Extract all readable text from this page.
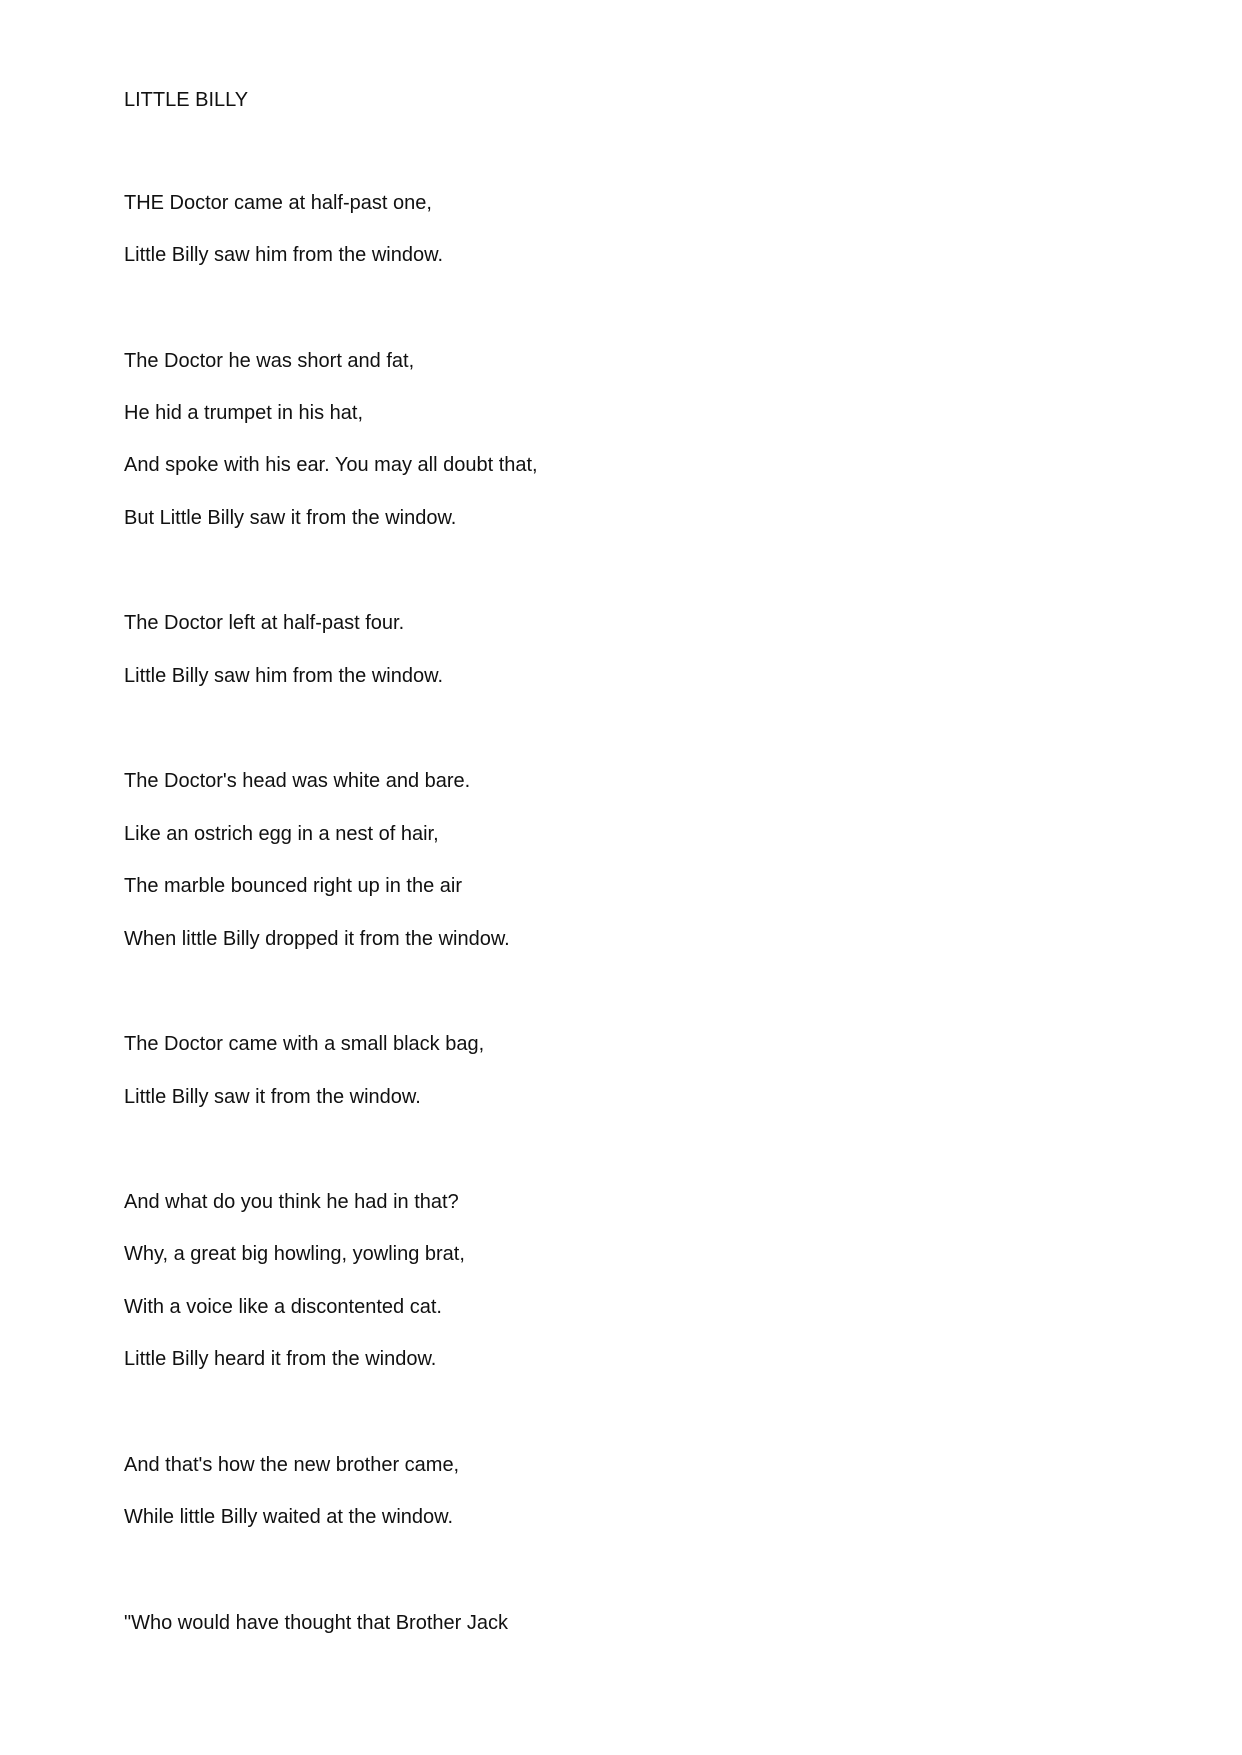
LITTLE BILLY
THE Doctor came at half-past one,
Little Billy saw him from the window.
The Doctor he was short and fat,
He hid a trumpet in his hat,
And spoke with his ear. You may all doubt that,
But Little Billy saw it from the window.
The Doctor left at half-past four.
Little Billy saw him from the window.
The Doctor's head was white and bare.
Like an ostrich egg in a nest of hair,
The marble bounced right up in the air
When little Billy dropped it from the window.
The Doctor came with a small black bag,
Little Billy saw it from the window.
And what do you think he had in that?
Why, a great big howling, yowling brat,
With a voice like a discontented cat.
Little Billy heard it from the window.
And that's how the new brother came,
While little Billy waited at the window.
"Who would have thought that Brother Jack
